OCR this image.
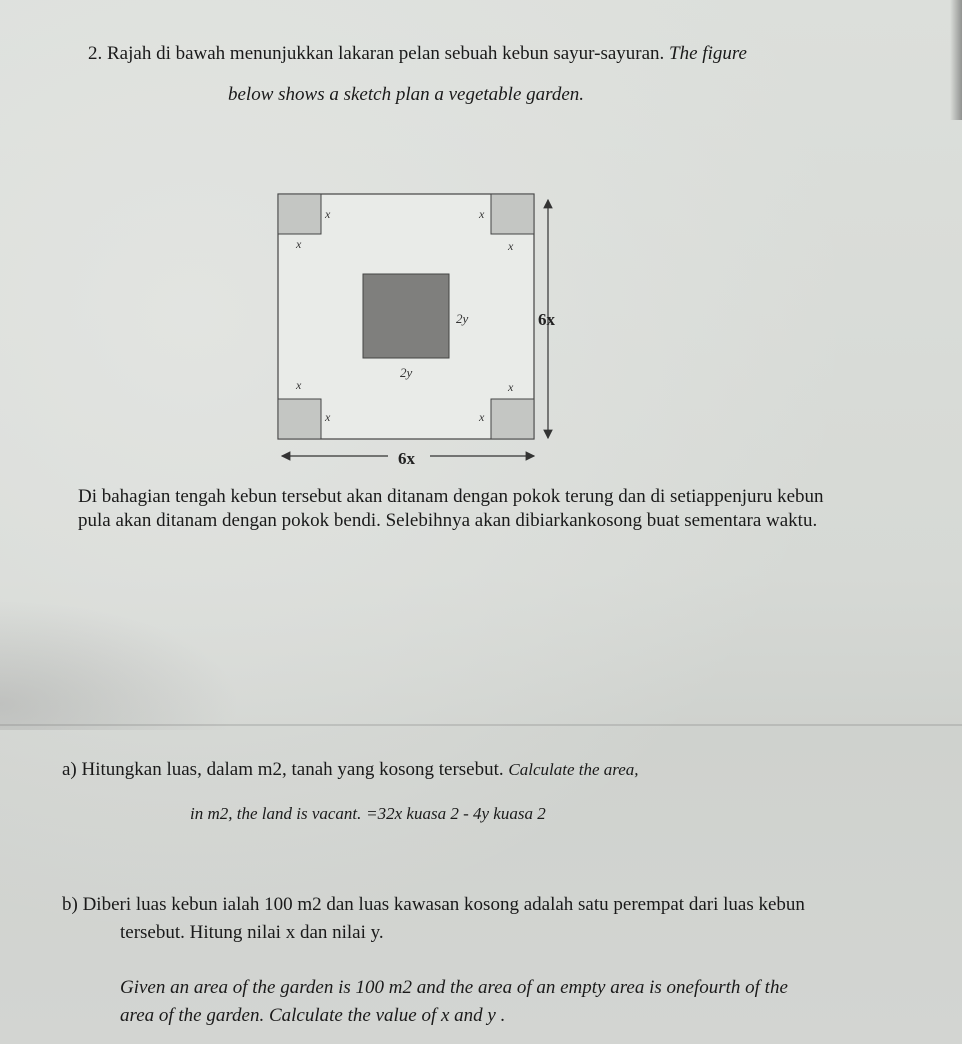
2. Rajah di bawah menunjukkan lakaran pelan sebuah kebun sayur-sayuran. The figure
below shows a sketch plan a vegetable garden.
x
x
x
x
x
x
x
x
2y
2y
6x
6x
Di bahagian tengah kebun tersebut akan ditanam dengan pokok terung dan di setiappenjuru kebun
pula akan ditanam dengan pokok bendi. Selebihnya akan dibiarkankosong buat sementara waktu.
a) Hitungkan luas, dalam m2, tanah yang kosong tersebut. Calculate the area,
in m2, the land is vacant. =32x kuasa 2 - 4y kuasa 2
b) Diberi luas kebun ialah 100 m2 dan luas kawasan kosong adalah satu perempat dari luas kebun
tersebut. Hitung nilai x dan nilai y.
Given an area of the garden is 100 m2 and the area of an empty area is onefourth of the
area of the garden. Calculate the value of x and y .
